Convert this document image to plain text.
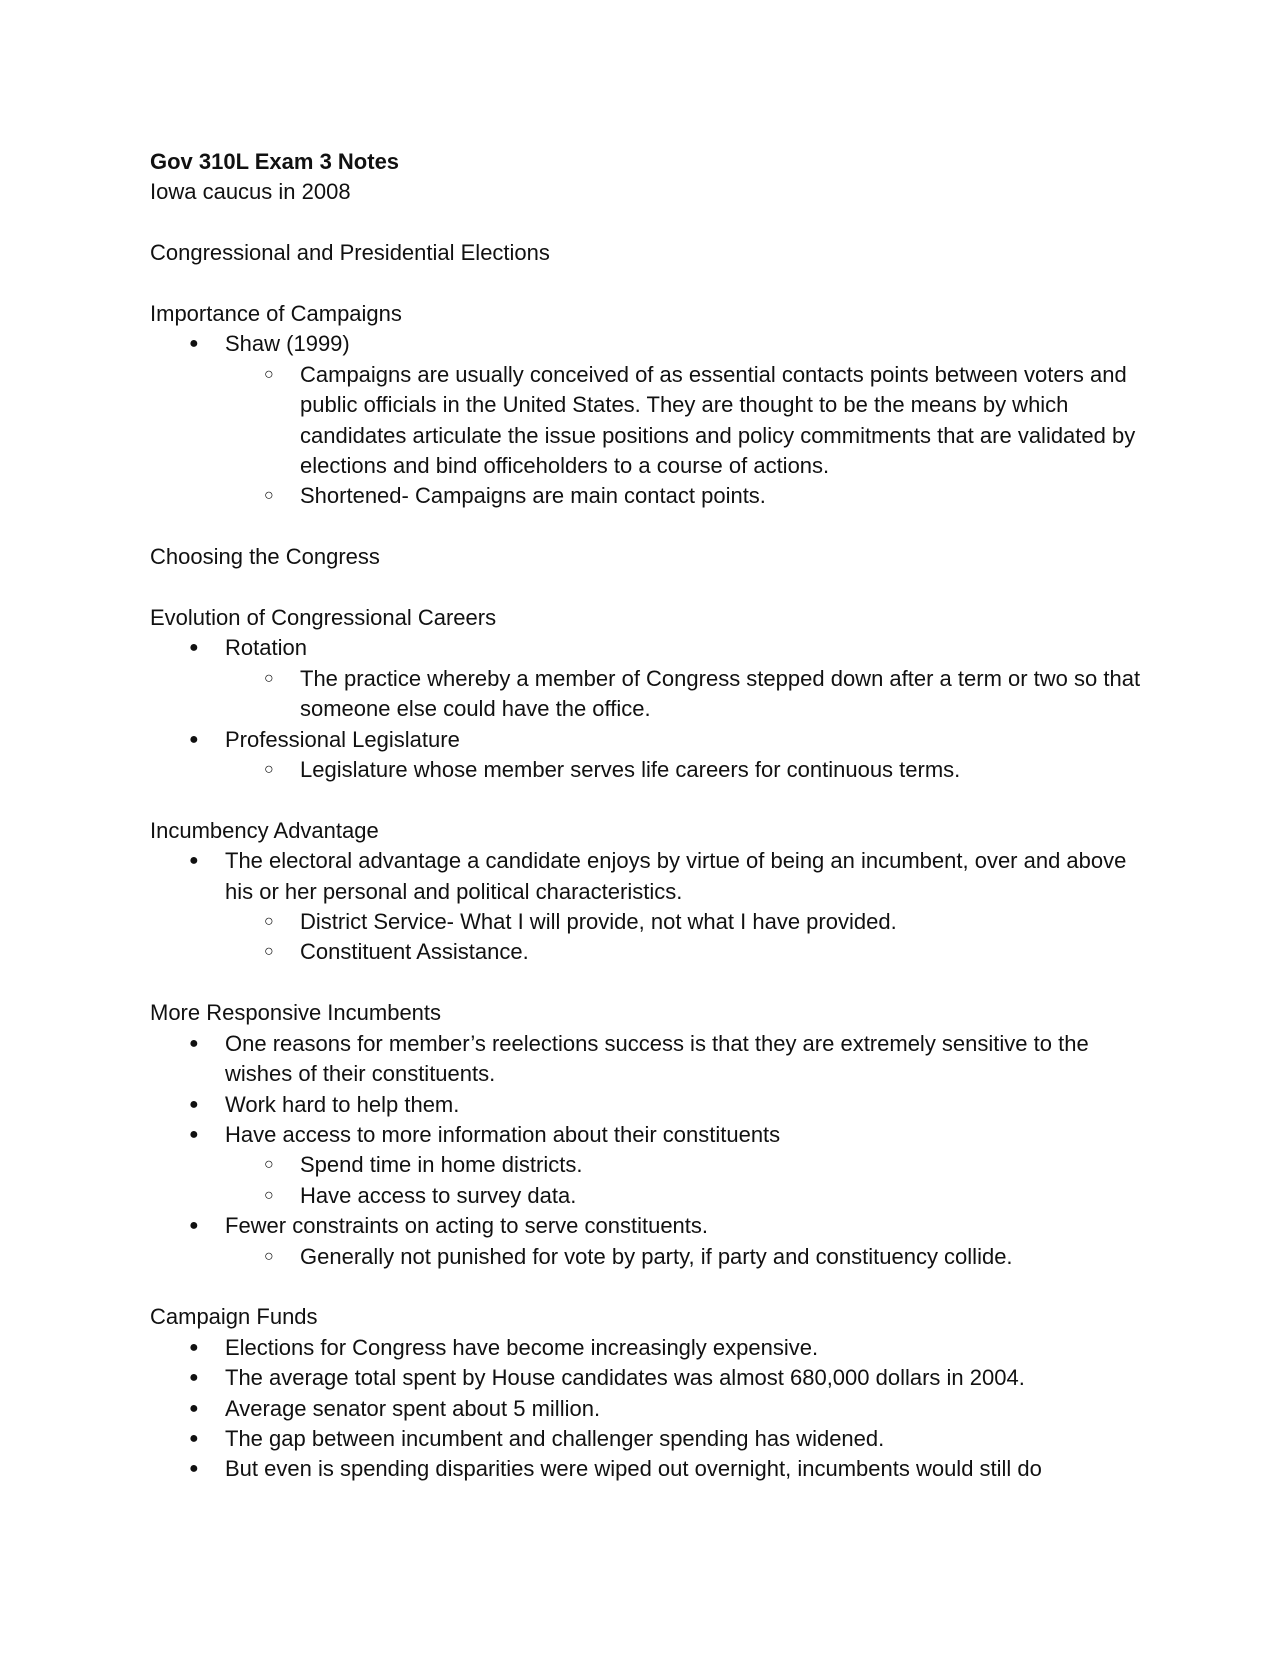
Gov 310L Exam 3 Notes

Iowa caucus in 2008

Congressional and Presidential Elections

Importance of Campaigns

● Shaw (1999)
○ Campaigns are usually conceived of as essential contacts points between voters and public officials in the United States. They are thought to be the means by which candidates articulate the issue positions and policy commitments that are validated by elections and bind officeholders to a course of actions.
○ Shortened- Campaigns are main contact points.

Choosing the Congress

Evolution of Congressional Careers

● Rotation
○ The practice whereby a member of Congress stepped down after a term or two so that someone else could have the office.
● Professional Legislature
○ Legislature whose member serves life careers for continuous terms.

Incumbency Advantage

● The electoral advantage a candidate enjoys by virtue of being an incumbent, over and above his or her personal and political characteristics.
○ District Service- What I will provide, not what I have provided.
○ Constituent Assistance.

More Responsive Incumbents

● One reasons for member’s reelections success is that they are extremely sensitive to the wishes of their constituents.
● Work hard to help them.
● Have access to more information about their constituents
○ Spend time in home districts.
○ Have access to survey data.
● Fewer constraints on acting to serve constituents.
○ Generally not punished for vote by party, if party and constituency collide.

Campaign Funds

● Elections for Congress have become increasingly expensive.
● The average total spent by House candidates was almost 680,000 dollars in 2004.
● Average senator spent about 5 million.
● The gap between incumbent and challenger spending has widened.
● But even is spending disparities were wiped out overnight, incumbents would still do
